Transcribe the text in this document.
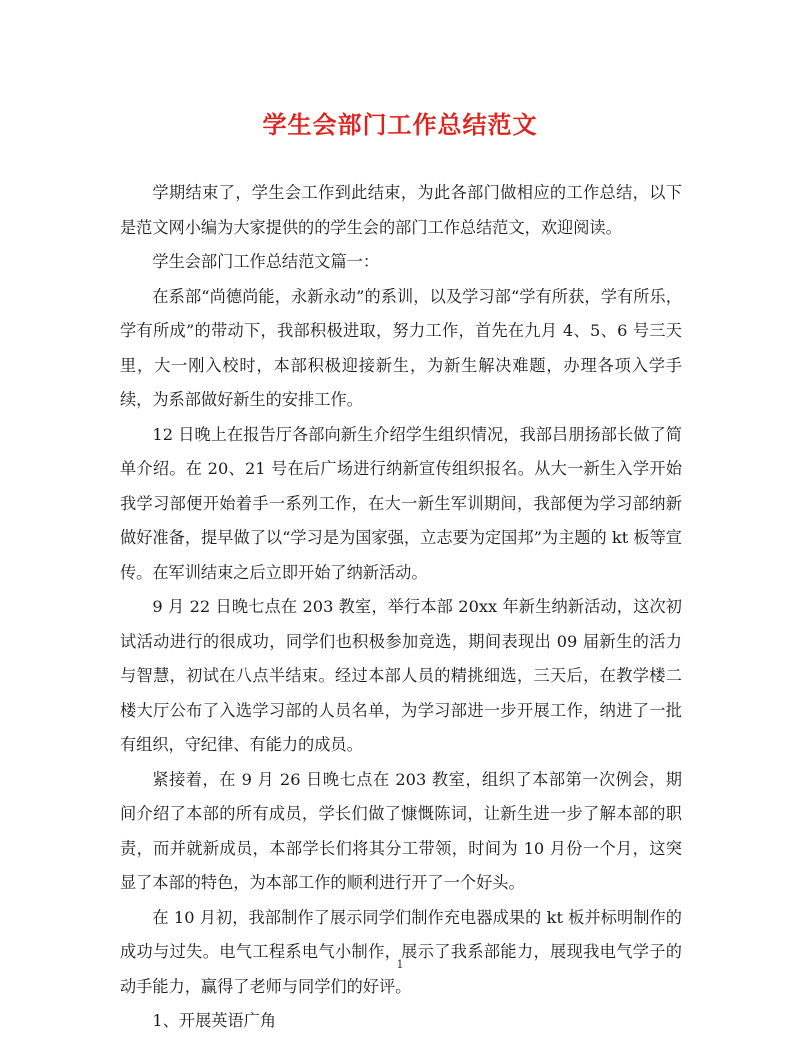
学生会部门工作总结范文

学期结束了，学生会工作到此结束，为此各部门做相应的工作总结，以下是范文网小编为大家提供的的学生会的部门工作总结范文，欢迎阅读。

学生会部门工作总结范文篇一：

在系部“尚德尚能，永新永动”的系训，以及学习部“学有所获，学有所乐，学有所成”的带动下，我部积极进取，努力工作，首先在九月 4、5、6 号三天里，大一刚入校时，本部积极迎接新生，为新生解决难题，办理各项入学手续，为系部做好新生的安排工作。

12 日晚上在报告厅各部向新生介绍学生组织情况，我部吕朋扬部长做了简单介绍。在 20、21 号在后广场进行纳新宣传组织报名。从大一新生入学开始我学习部便开始着手一系列工作，在大一新生军训期间，我部便为学习部纳新做好准备，提早做了以“学习是为国家强，立志要为定国邦”为主题的 kt 板等宣传。在军训结束之后立即开始了纳新活动。

9 月 22 日晚七点在 203 教室，举行本部 20xx 年新生纳新活动，这次初试活动进行的很成功，同学们也积极参加竞选，期间表现出 09 届新生的活力与智慧，初试在八点半结束。经过本部人员的精挑细选，三天后，在教学楼二楼大厅公布了入选学习部的人员名单，为学习部进一步开展工作，纳进了一批有组织，守纪律、有能力的成员。

紧接着，在 9 月 26 日晚七点在 203 教室，组织了本部第一次例会，期间介绍了本部的所有成员，学长们做了慷慨陈词，让新生进一步了解本部的职责，而并就新成员，本部学长们将其分工带领，时间为 10 月份一个月，这突显了本部的特色，为本部工作的顺利进行开了一个好头。

在 10 月初，我部制作了展示同学们制作充电器成果的 kt 板并标明制作的成功与过失。电气工程系电气小制作，展示了我系部能力，展现我电气学子的动手能力，赢得了老师与同学们的好评。

1、开展英语广角

1
